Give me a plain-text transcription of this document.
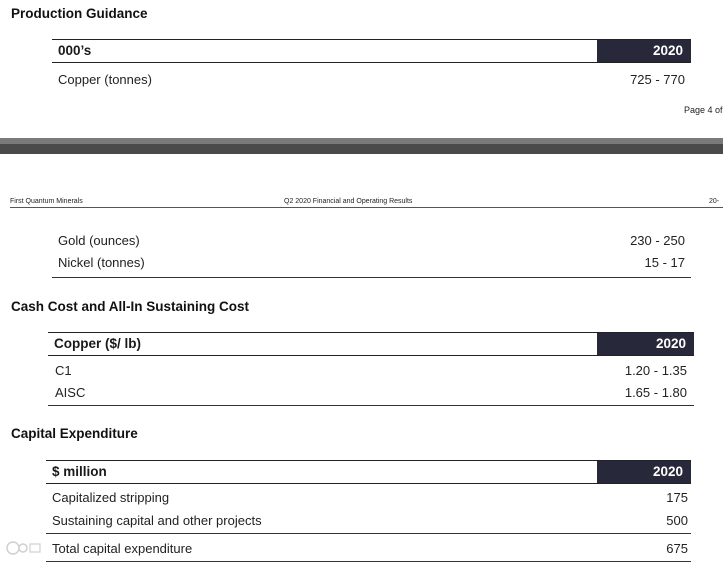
Production Guidance
000’s	2020
Copper (tonnes)	725 - 770
Page 4 of
First Quantum Minerals	Q2 2020 Financial and Operating Results	20-
Gold (ounces)	230 - 250
Nickel (tonnes)	15 - 17
Cash Cost and All-In Sustaining Cost
Copper ($/ lb)	2020
C1	1.20 - 1.35
AISC	1.65 - 1.80
Capital Expenditure
$ million	2020
Capitalized stripping	175
Sustaining capital and other projects	500
Total capital expenditure	675
